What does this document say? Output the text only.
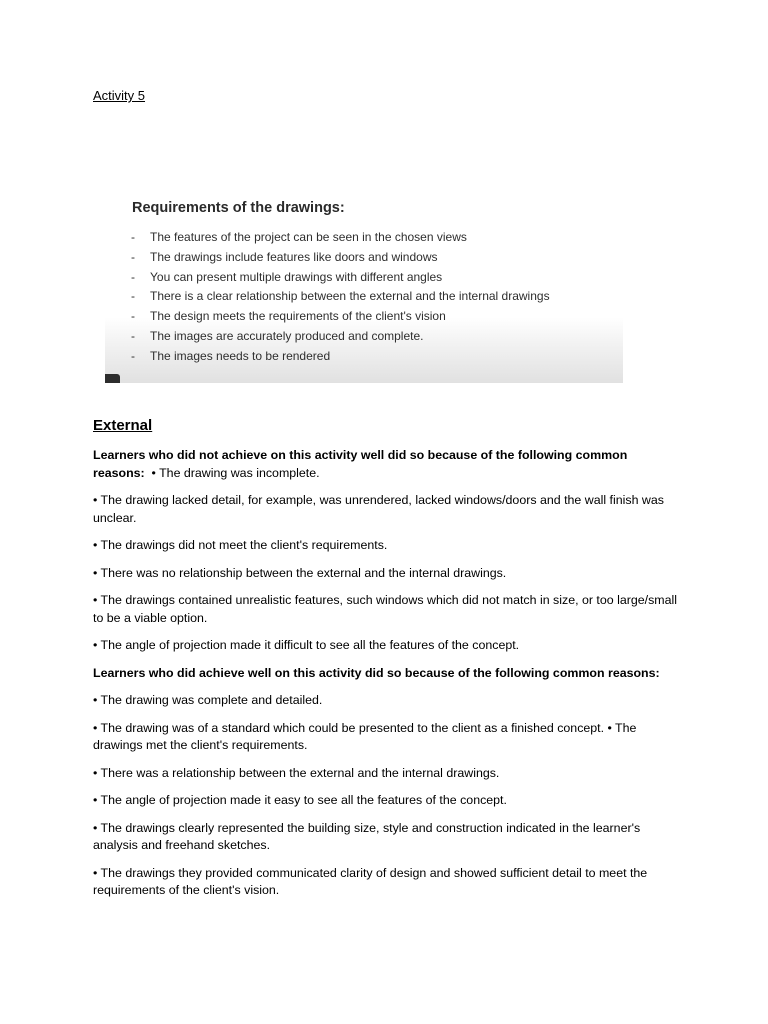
Activity 5

Requirements of the drawings:

- The features of the project can be seen in the chosen views
- The drawings include features like doors and windows
- You can present multiple drawings with different angles
- There is a clear relationship between the external and the internal drawings
- The design meets the requirements of the client's vision
- The images are accurately produced and complete.
- The images needs to be rendered
External

Learners who did not achieve on this activity well did so because of the following common reasons: • The drawing was incomplete.

• The drawing lacked detail, for example, was unrendered, lacked windows/doors and the wall finish was unclear.

• The drawings did not meet the client's requirements.

• There was no relationship between the external and the internal drawings.

• The drawings contained unrealistic features, such windows which did not match in size, or too large/small to be a viable option.

• The angle of projection made it difficult to see all the features of the concept.

Learners who did achieve well on this activity did so because of the following common reasons:

• The drawing was complete and detailed.

• The drawing was of a standard which could be presented to the client as a finished concept. • The drawings met the client's requirements.

• There was a relationship between the external and the internal drawings.

• The angle of projection made it easy to see all the features of the concept.

• The drawings clearly represented the building size, style and construction indicated in the learner's analysis and freehand sketches.

• The drawings they provided communicated clarity of design and showed sufficient detail to meet the requirements of the client's vision.
